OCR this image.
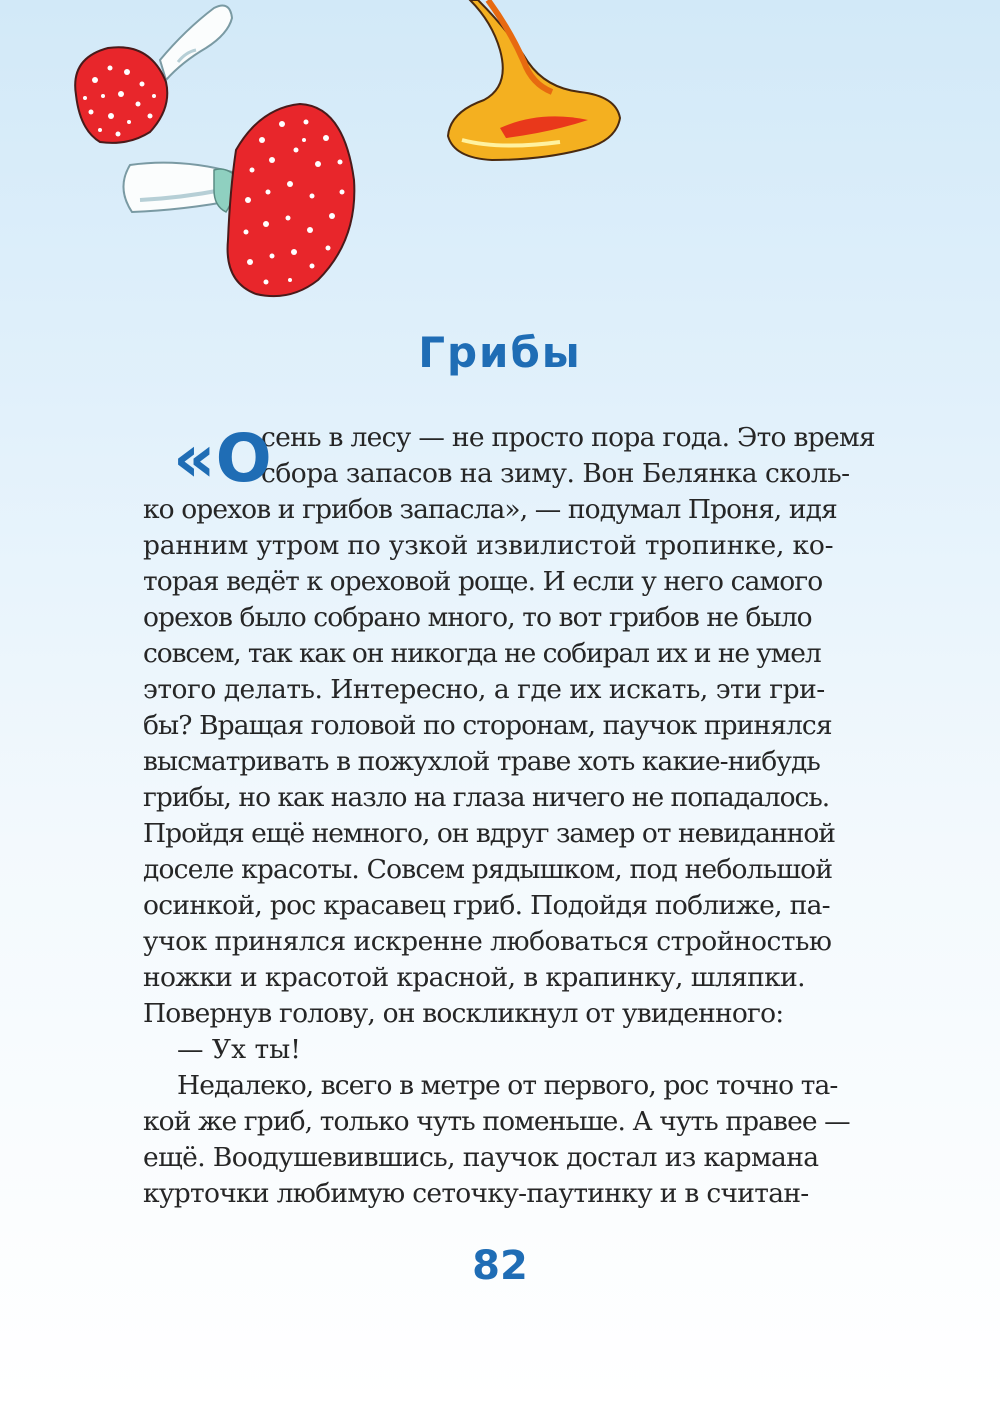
Грибы
«О
сень в лесу — не просто пора года. Это время
сбора запасов на зиму. Вон Белянка сколь-
ко орехов и грибов запасла», — подумал Проня, идя
ранним утром по узкой извилистой тропинке, ко-
торая ведёт к ореховой роще. И если у него самого
орехов было собрано много, то вот грибов не было
совсем, так как он никогда не собирал их и не умел
этого делать. Интересно, а где их искать, эти гри-
бы? Вращая головой по сторонам, паучок принялся
высматривать в пожухлой траве хоть какие-нибудь
грибы, но как назло на глаза ничего не попадалось.
Пройдя ещё немного, он вдруг замер от невиданной
доселе красоты. Совсем рядышком, под небольшой
осинкой, рос красавец гриб. Подойдя поближе, па-
учок принялся искренне любоваться стройностью
ножки и красотой красной, в крапинку, шляпки.
Повернув голову, он воскликнул от увиденного:
— Ух ты!
Недалеко, всего в метре от первого, рос точно та-
кой же гриб, только чуть поменьше. А чуть правее —
ещё. Воодушевившись, паучок достал из кармана
курточки любимую сеточку-паутинку и в считан-
82
